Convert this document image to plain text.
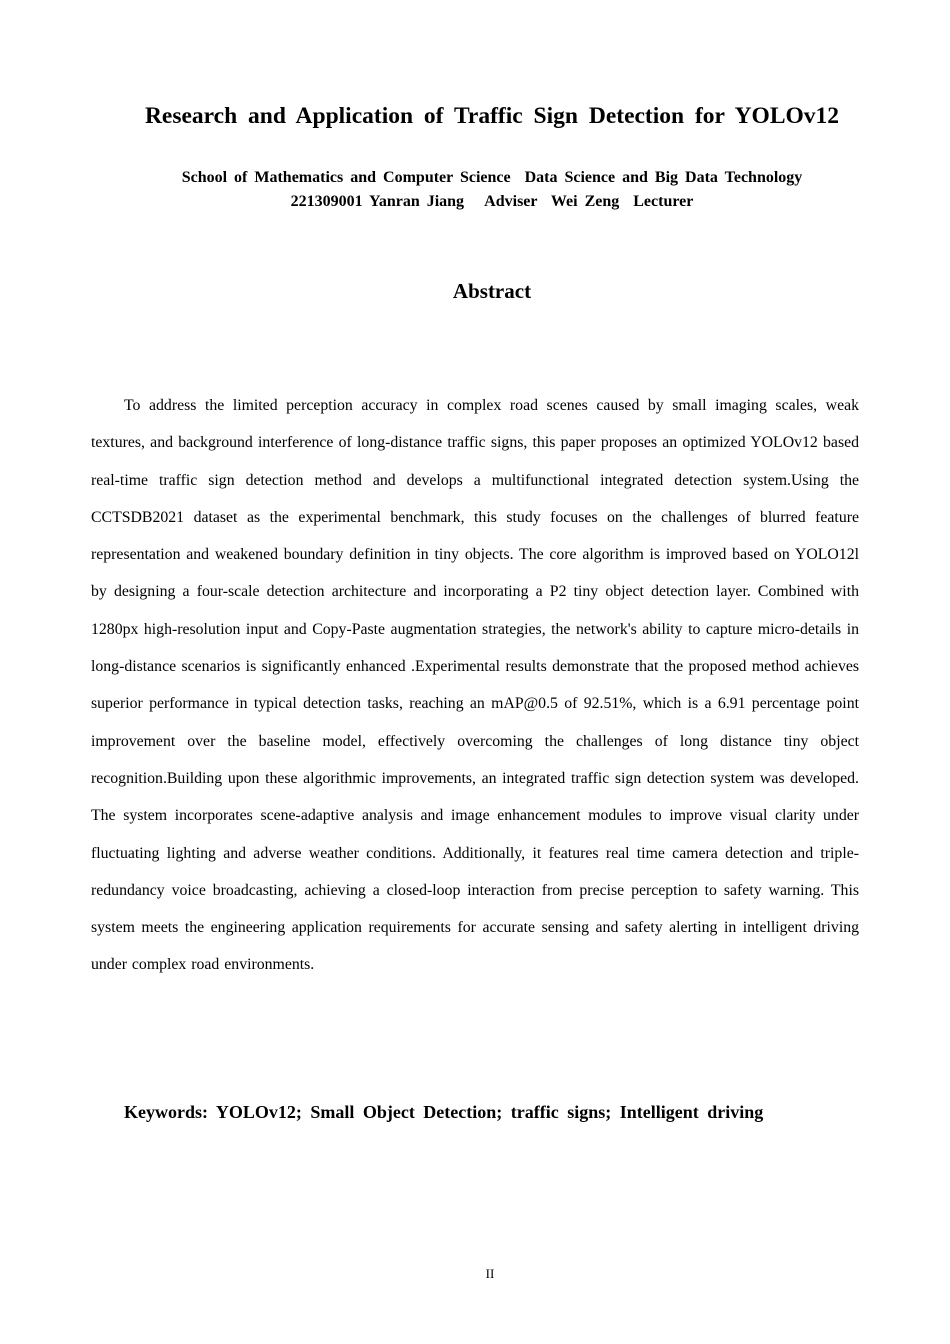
Research and Application of Traffic Sign Detection for YOLOv12

School of Mathematics and Computer Science  Data Science and Big Data Technology

221309001 Yanran Jiang   Adviser  Wei Zeng  Lecturer

Abstract

To address the limited perception accuracy in complex road scenes caused by small imaging scales, weak textures, and background interference of long-distance traffic signs, this paper proposes an optimized YOLOv12 based real-time traffic sign detection method and develops a multifunctional integrated detection system.Using the CCTSDB2021 dataset as the experimental benchmark, this study focuses on the challenges of blurred feature representation and weakened boundary definition in tiny objects. The core algorithm is improved based on YOLO12l by designing a four-scale detection architecture and incorporating a P2 tiny object detection layer. Combined with 1280px high-resolution input and Copy-Paste augmentation strategies, the network's ability to capture micro-details in long-distance scenarios is significantly enhanced .Experimental results demonstrate that the proposed method achieves superior performance in typical detection tasks, reaching an mAP@0.5 of 92.51%, which is a 6.91 percentage point improvement over the baseline model, effectively overcoming the challenges of long distance tiny object recognition.Building upon these algorithmic improvements, an integrated traffic sign detection system was developed. The system incorporates scene-adaptive analysis and image enhancement modules to improve visual clarity under fluctuating lighting and adverse weather conditions. Additionally, it features real time camera detection and triple-redundancy voice broadcasting, achieving a closed-loop interaction from precise perception to safety warning. This system meets the engineering application requirements for accurate sensing and safety alerting in intelligent driving under complex road environments.

Keywords: YOLOv12; Small Object Detection; traffic signs; Intelligent driving

II
